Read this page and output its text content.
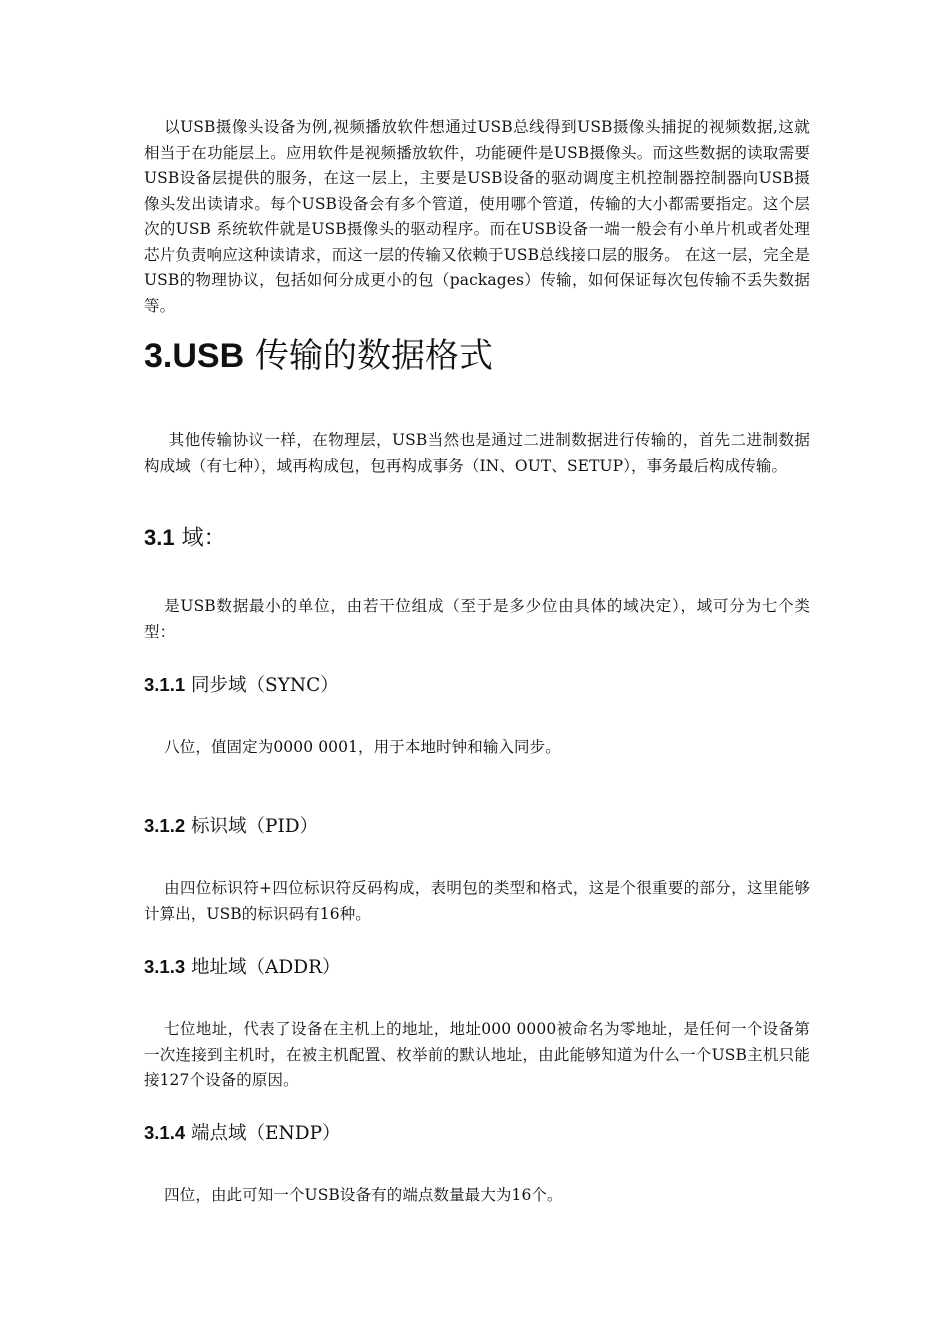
以USB摄像头设备为例,视频播放软件想通过USB总线得到USB摄像头捕捉的视频数据,这就相当于在功能层上。应用软件是视频播放软件，功能硬件是USB摄像头。而这些数据的读取需要USB设备层提供的服务，在这一层上，主要是USB设备的驱动调度主机控制器控制器向USB摄像头发出读请求。每个USB设备会有多个管道，使用哪个管道，传输的大小都需要指定。这个层次的USB 系统软件就是USB摄像头的驱动程序。而在USB设备一端一般会有小单片机或者处理芯片负责响应这种读请求，而这一层的传输又依赖于USB总线接口层的服务。 在这一层，完全是USB的物理协议，包括如何分成更小的包（packages）传输，如何保证每次包传输不丢失数据等。

3.USB 传输的数据格式

其他传输协议一样，在物理层，USB当然也是通过二进制数据进行传输的，首先二进制数据构成域（有七种），域再构成包，包再构成事务（IN、OUT、SETUP），事务最后构成传输。

3.1 域：

是USB数据最小的单位，由若干位组成（至于是多少位由具体的域决定），域可分为七个类型：

3.1.1 同步域（SYNC）

八位，值固定为0000 0001，用于本地时钟和输入同步。

3.1.2 标识域（PID）

由四位标识符+四位标识符反码构成，表明包的类型和格式，这是个很重要的部分，这里能够计算出，USB的标识码有16种。

3.1.3 地址域（ADDR）

七位地址，代表了设备在主机上的地址，地址000 0000被命名为零地址，是任何一个设备第一次连接到主机时，在被主机配置、枚举前的默认地址，由此能够知道为什么一个USB主机只能接127个设备的原因。

3.1.4 端点域（ENDP）

四位，由此可知一个USB设备有的端点数量最大为16个。
